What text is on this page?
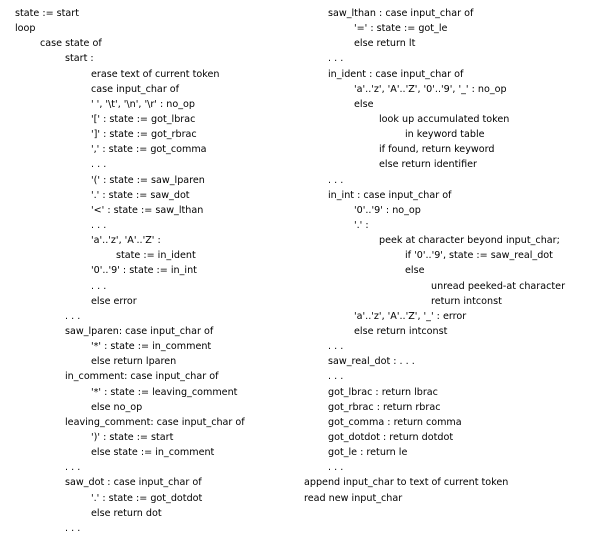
state := start
loop
case state of
start :
erase text of current token
case input_char of
' ', '\t', '\n', '\r' : no_op
'[' : state := got_lbrac
']' : state := got_rbrac
',' : state := got_comma
. . .
'(' : state := saw_lparen
'.' : state := saw_dot
'<' : state := saw_lthan
. . .
'a'..'z', 'A'..'Z' :
state := in_ident
'0'..'9' : state := in_int
. . .
else error
. . .
saw_lparen: case input_char of
'*' : state := in_comment
else return lparen
in_comment: case input_char of
'*' : state := leaving_comment
else no_op
leaving_comment: case input_char of
')' : state := start
else state := in_comment
. . .
saw_dot : case input_char of
'.' : state := got_dotdot
else return dot
. . .
saw_lthan : case input_char of
'=' : state := got_le
else return lt
. . .
in_ident : case input_char of
'a'..'z', 'A'..'Z', '0'..'9', '_' : no_op
else
look up accumulated token
in keyword table
if found, return keyword
else return identifier
. . .
in_int : case input_char of
'0'..'9' : no_op
'.' :
peek at character beyond input_char;
if '0'..'9', state := saw_real_dot
else
unread peeked-at character
return intconst
'a'..'z', 'A'..'Z', '_' : error
else return intconst
. . .
saw_real_dot : . . .
. . .
got_lbrac : return lbrac
got_rbrac : return rbrac
got_comma : return comma
got_dotdot : return dotdot
got_le : return le
. . .
append input_char to text of current token
read new input_char
